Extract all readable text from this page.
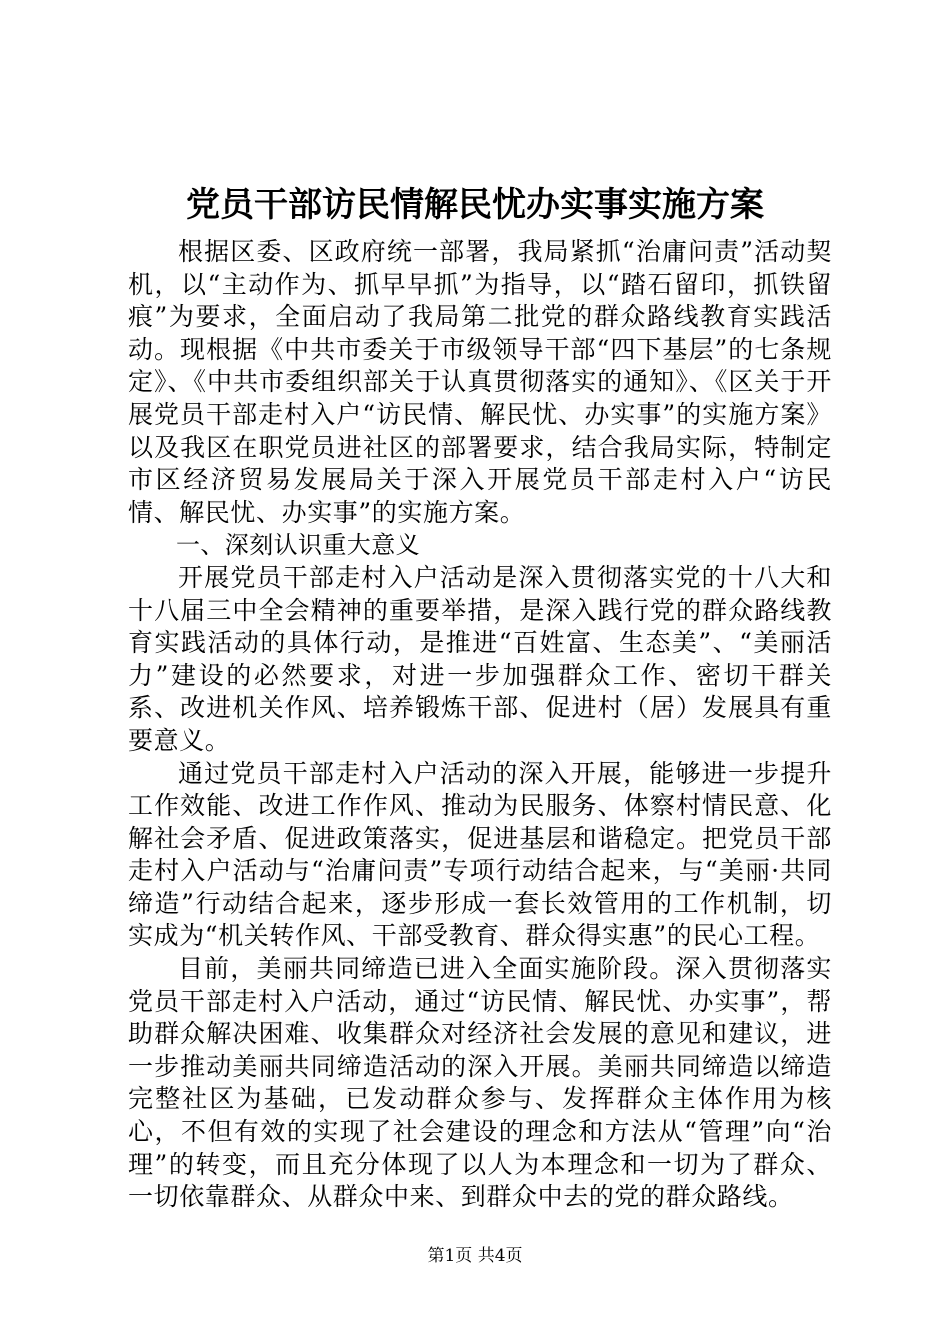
党员干部访民情解民忧办实事实施方案

根据区委、区政府统一部署，我局紧抓“治庸问责”活动契机，以“主动作为、抓早早抓”为指导，以“踏石留印，抓铁留痕”为要求，全面启动了我局第二批党的群众路线教育实践活动。现根据《中共市委关于市级领导干部“四下基层”的七条规定》、《中共市委组织部关于认真贯彻落实的通知》、《区关于开展党员干部走村入户“访民情、解民忧、办实事”的实施方案》以及我区在职党员进社区的部署要求，结合我局实际，特制定市区经济贸易发展局关于深入开展党员干部走村入户“访民情、解民忧、办实事”的实施方案。

一、深刻认识重大意义

开展党员干部走村入户活动是深入贯彻落实党的十八大和十八届三中全会精神的重要举措，是深入践行党的群众路线教育实践活动的具体行动，是推进“百姓富、生态美”、“美丽活力”建设的必然要求，对进一步加强群众工作、密切干群关系、改进机关作风、培养锻炼干部、促进村（居）发展具有重要意义。

通过党员干部走村入户活动的深入开展，能够进一步提升工作效能、改进工作作风、推动为民服务、体察村情民意、化解社会矛盾、促进政策落实，促进基层和谐稳定。把党员干部走村入户活动与“治庸问责”专项行动结合起来，与“美丽·共同缔造”行动结合起来，逐步形成一套长效管用的工作机制，切实成为“机关转作风、干部受教育、群众得实惠”的民心工程。

目前，美丽共同缔造已进入全面实施阶段。深入贯彻落实党员干部走村入户活动，通过“访民情、解民忧、办实事”，帮助群众解决困难、收集群众对经济社会发展的意见和建议，进一步推动美丽共同缔造活动的深入开展。美丽共同缔造以缔造完整社区为基础，已发动群众参与、发挥群众主体作用为核心，不但有效的实现了社会建设的理念和方法从“管理”向“治理”的转变，而且充分体现了以人为本理念和一切为了群众、一切依靠群众、从群众中来、到群众中去的党的群众路线。

第1页 共4页
